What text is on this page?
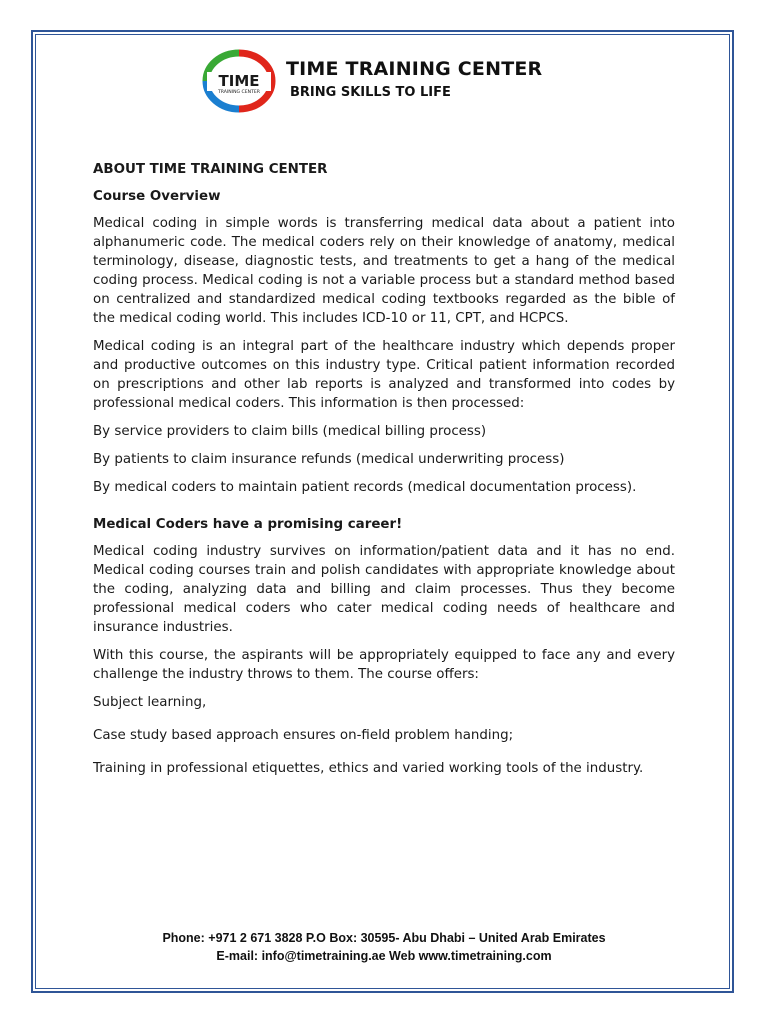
TIME
TRAINING CENTER
TIME TRAINING CENTER
BRING SKILLS TO LIFE
ABOUT TIME TRAINING CENTER
Course Overview

Medical coding in simple words is transferring medical data about a patient into alphanumeric code. The medical coders rely on their knowledge of anatomy, medical terminology, disease, diagnostic tests, and treatments to get a hang of the medical coding process. Medical coding is not a variable process but a standard method based on centralized and standardized medical coding textbooks regarded as the bible of the medical coding world. This includes ICD-10 or 11, CPT, and HCPCS.

Medical coding is an integral part of the healthcare industry which depends proper and productive outcomes on this industry type. Critical patient information recorded on prescriptions and other lab reports is analyzed and transformed into codes by professional medical coders. This information is then processed:

By service providers to claim bills (medical billing process)

By patients to claim insurance refunds (medical underwriting process)

By medical coders to maintain patient records (medical documentation process).

Medical Coders have a promising career!

Medical coding industry survives on information/patient data and it has no end. Medical coding courses train and polish candidates with appropriate knowledge about the coding, analyzing data and billing and claim processes. Thus they become professional medical coders who cater medical coding needs of healthcare and insurance industries.

With this course, the aspirants will be appropriately equipped to face any and every challenge the industry throws to them. The course offers:

Subject learning,

Case study based approach ensures on-field problem handing;

Training in professional etiquettes, ethics and varied working tools of the industry.

Phone: +971 2 671 3828 P.O Box: 30595- Abu Dhabi – United Arab Emirates
E-mail: info@timetraining.ae Web www.timetraining.com
